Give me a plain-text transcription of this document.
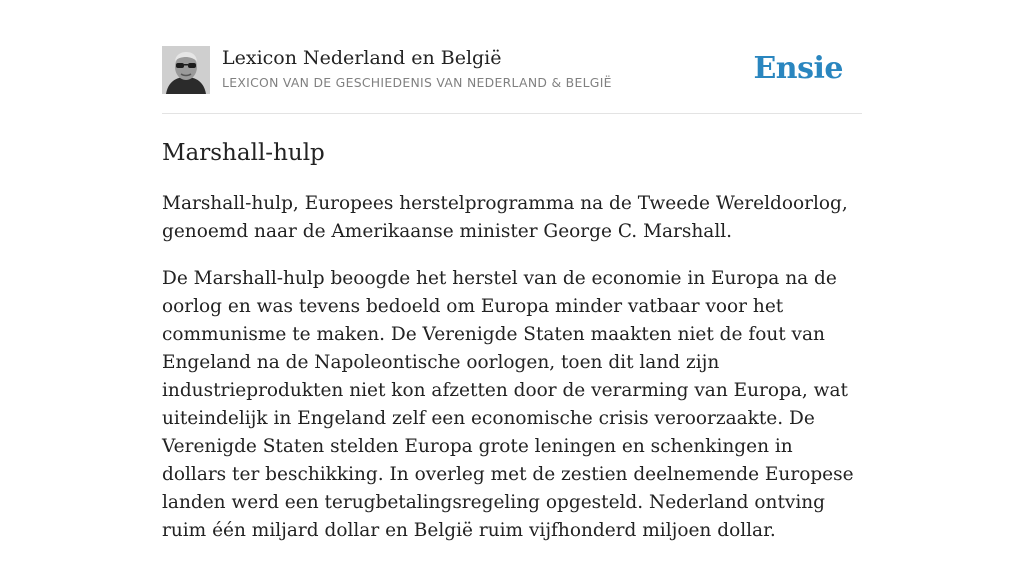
Lexicon Nederland en België
LEXICON VAN DE GESCHIEDENIS VAN NEDERLAND & BELGIË	Ensie
Marshall-hulp

Marshall-hulp, Europees herstelprogramma na de Tweede Wereldoorlog, genoemd naar de Amerikaanse minister George C. Marshall.

De Marshall-hulp beoogde het herstel van de economie in Europa na de oorlog en was tevens bedoeld om Europa minder vatbaar voor het communisme te maken. De Verenigde Staten maakten niet de fout van Engeland na de Napoleontische oorlogen, toen dit land zijn industrieprodukten niet kon afzetten door de verarming van Europa, wat uiteindelijk in Engeland zelf een economische crisis veroorzaakte. De Verenigde Staten stelden Europa grote leningen en schenkingen in dollars ter beschikking. In overleg met de zestien deelnemende Europese landen werd een terugbetalingsregeling opgesteld. Nederland ontving ruim één miljard dollar en België ruim vijfhonderd miljoen dollar.
